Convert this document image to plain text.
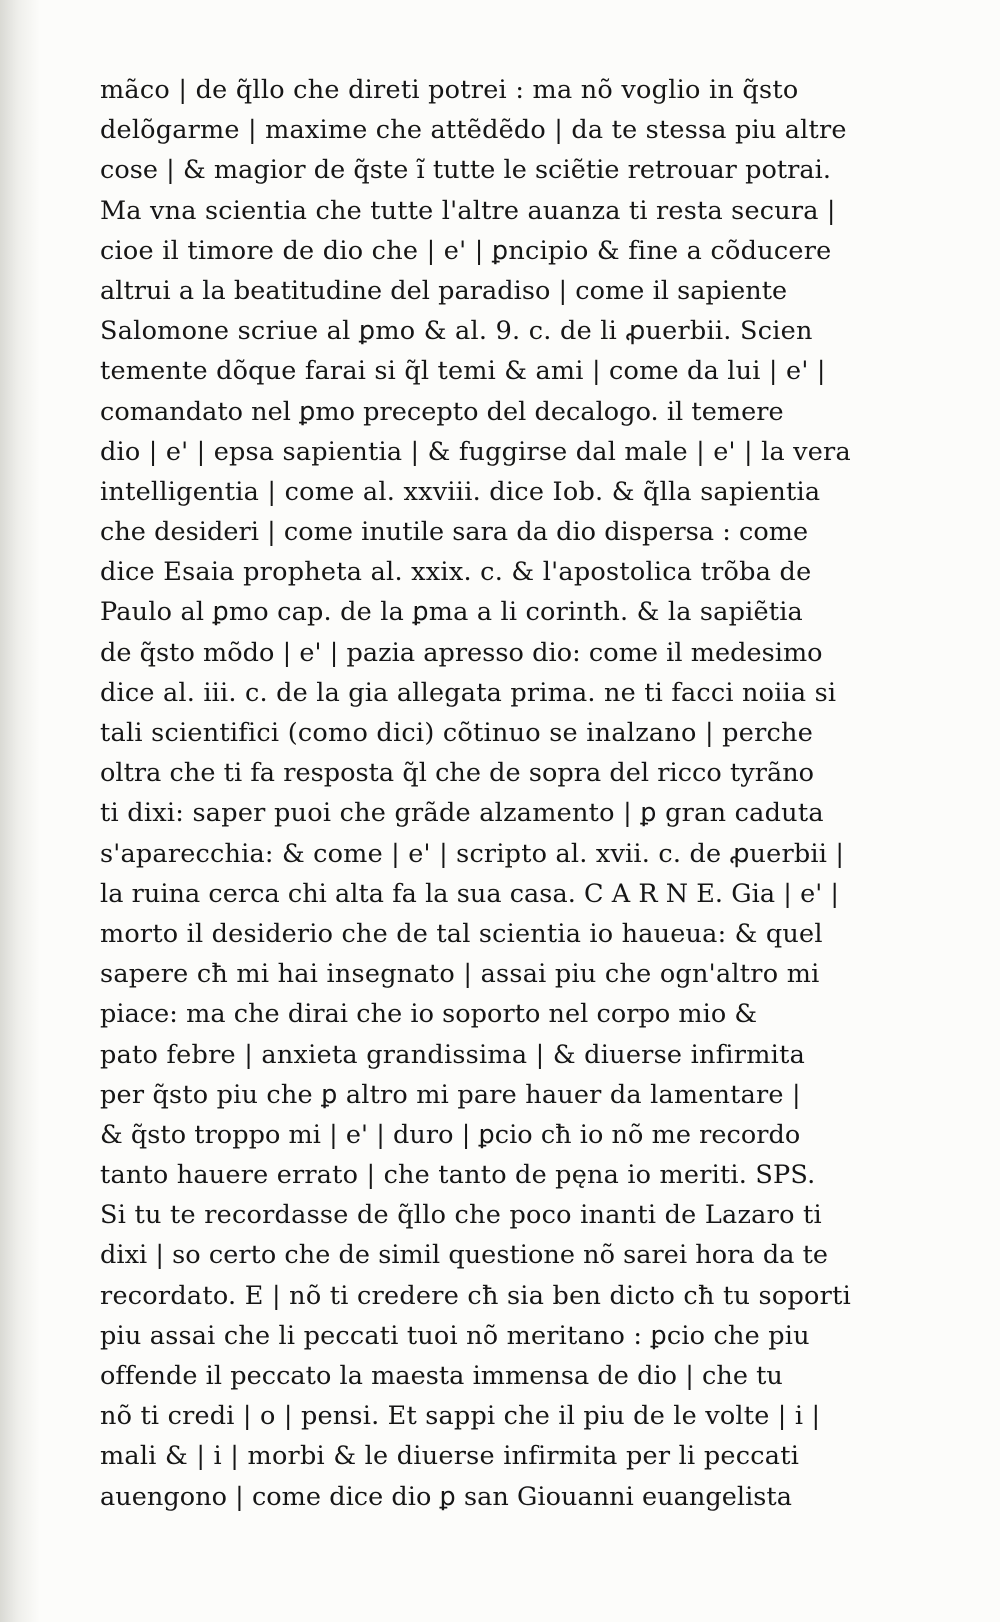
mãco | de q̃llo che direti potrei : ma nõ voglio in q̃sto
delõgarme | maxime che attẽdẽdo | da te stessa piu altre
cose | & magior de q̃ste ĩ tutte le sciẽtie retrouar potrai.
Ma vna scientia che tutte l'altre auanza ti resta secura |
cioe il timore de dio che | e' | ꝑncipio & fine a cõducere
altrui a la beatitudine del paradiso | come il sapiente
Salomone scriue al ꝑmo & al. 9. c. de li ꝓuerbii. Scien
temente dõque farai si q̃l temi & ami | come da lui | e' |
comandato nel ꝑmo precepto del decalogo. il temere
dio | e' | epsa sapientia | & fuggirse dal male | e' | la vera
intelligentia | come al. xxviii. dice Iob. & q̃lla sapientia
che desideri | come inutile sara da dio dispersa : come
dice Esaia propheta al. xxix. c. & l'apostolica trõba de
Paulo al ꝑmo cap. de la ꝑma a li corinth. & la sapiẽtia
de q̃sto mõdo | e' | pazia apresso dio: come il medesimo
dice al. iii. c. de la gia allegata prima. ne ti facci noiia si
tali scientifici (como dici) cõtinuo se inalzano | perche
oltra che ti fa resposta q̃l che de sopra del ricco tyrãno
ti dixi: saper puoi che grãde alzamento | ꝑ gran caduta
s'aparecchia: & come | e' | scripto al. xvii. c. de ꝓuerbii |
la ruina cerca chi alta fa la sua casa. C A R N E. Gia | e' |
morto il desiderio che de tal scientia io haueua: & quel
sapere cħ mi hai insegnato | assai piu che ogn'altro mi
piace: ma che dirai che io soporto nel corpo mio &
pato febre | anxieta grandissima | & diuerse infirmita
per q̃sto piu che ꝑ altro mi pare hauer da lamentare |
& q̃sto troppo mi | e' | duro | ꝑcio cħ io nõ me recordo
tanto hauere errato | che tanto de pęna io meriti. SPS.
Si tu te recordasse de q̃llo che poco inanti de Lazaro ti
dixi | so certo che de simil questione nõ sarei hora da te
recordato. E | nõ ti credere cħ sia ben dicto cħ tu soporti
piu assai che li peccati tuoi nõ meritano : ꝑcio che piu
offende il peccato la maesta immensa de dio | che tu
nõ ti credi | o | pensi. Et sappi che il piu de le volte | i |
mali & | i | morbi & le diuerse infirmita per li peccati
auengono | come dice dio ꝑ san Giouanni euangelista
